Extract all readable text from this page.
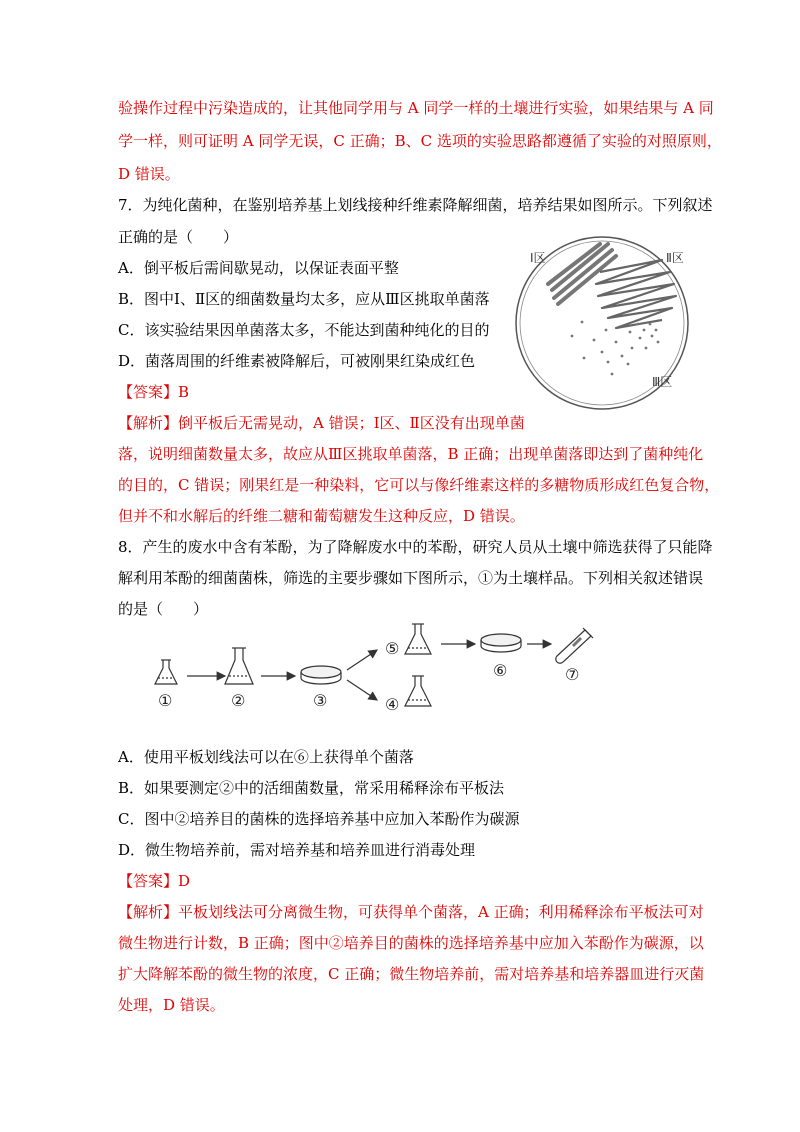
验操作过程中污染造成的，让其他同学用与 A 同学一样的土壤进行实验，如果结果与 A 同
学一样，则可证明 A 同学无误，C 正确；B、C 选项的实验思路都遵循了实验的对照原则，
D 错误。
7．为纯化菌种，在鉴别培养基上划线接种纤维素降解细菌，培养结果如图所示。下列叙述
正确的是（　　）
A．倒平板后需间歇晃动，以保证表面平整
B．图中Ⅰ、Ⅱ区的细菌数量均太多，应从Ⅲ区挑取单菌落
C．该实验结果因单菌落太多，不能达到菌种纯化的目的
D．菌落周围的纤维素被降解后，可被刚果红染成红色
【答案】B
【解析】倒平板后无需晃动，A 错误；Ⅰ区、Ⅱ区没有出现单菌
落，说明细菌数量太多，故应从Ⅲ区挑取单菌落，B 正确；出现单菌落即达到了菌种纯化
的目的，C 错误；刚果红是一种染料，它可以与像纤维素这样的多糖物质形成红色复合物，
但并不和水解后的纤维二糖和葡萄糖发生这种反应，D 错误。
Ⅰ区	Ⅱ区
Ⅲ区
8．产生的废水中含有苯酚，为了降解废水中的苯酚，研究人员从土壤中筛选获得了只能降
解利用苯酚的细菌菌株，筛选的主要步骤如下图所示，①为土壤样品。下列相关叙述错误
的是（　　）
①	②	③	④
⑤
⑥	⑦
A．使用平板划线法可以在⑥上获得单个菌落
B．如果要测定②中的活细菌数量，常采用稀释涂布平板法
C．图中②培养目的菌株的选择培养基中应加入苯酚作为碳源
D．微生物培养前，需对培养基和培养皿进行消毒处理
【答案】D
【解析】平板划线法可分离微生物，可获得单个菌落，A 正确；利用稀释涂布平板法可对
微生物进行计数，B 正确；图中②培养目的菌株的选择培养基中应加入苯酚作为碳源，以
扩大降解苯酚的微生物的浓度，C 正确；微生物培养前，需对培养基和培养器皿进行灭菌
处理，D 错误。
